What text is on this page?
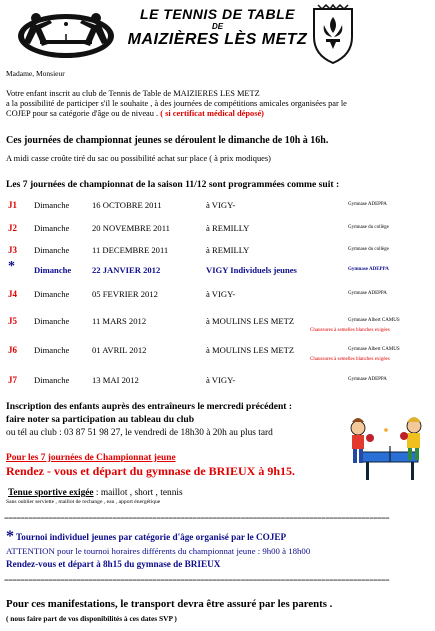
LE TENNIS DE TABLE
DE
MAIZIÈRES LÈS METZ
Madame, Monsieur
Votre enfant inscrit au club de Tennis de Table de MAIZIERES LES METZ
a la possibilité de participer s'il le souhaite , à des journées de compétitions amicales organisées par le
COJEP pour sa catégorie d'âge ou de niveau . ( si certificat médical déposé)
Ces journées de championnat jeunes se déroulent le dimanche de 10h à 16h.
A midi casse croûte tiré du sac ou possibilité achat sur place ( à prix modiques)
Les 7 journées de championnat de la saison 11/12 sont programmées comme suit :
J1 Dimanche	16 OCTOBRE 2011	à VIGY-	Gymnase ADEPPA
J2 Dimanche	20 NOVEMBRE 2011	à REMILLY	Gymnase du collège
J3 Dimanche	11 DECEMBRE 2011	à REMILLY	Gymnase du collège
* Dimanche 22 JANVIER 2012	VIGY Individuels jeunes	Gymnase ADEPPA
J4 Dimanche	05 FEVRIER 2012	à VIGY-	Gymnase ADEPPA
J5 Dimanche	11 MARS 2012	à MOULINS LES METZ	Gymnase Albert CAMUS
Chaussures à semelles blanches exigées
J6 Dimanche	01 AVRIL 2012	à MOULINS LES METZ	Gymnase Albert CAMUS
Chaussures à semelles blanches exigées
J7 Dimanche	13 MAI 2012	à VIGY-	Gymnase ADEPPA
Inscription des enfants auprès des entraîneurs le mercredi précédent :
faire noter sa participation au tableau du club
ou tél au club : 03 87 51 98 27, le vendredi de 18h30 à 20h au plus tard
Pour les 7 journées de Championnat jeune
Rendez - vous et départ du gymnase de BRIEUX à 9h15.
Tenue sportive exigée : maillot , short , tennis
Sans oublier serviette , maillot de rechange , eau , apport énergétique
================================================================================================
* Tournoi individuel jeunes par catégorie d'âge organisé par le COJEP
ATTENTION pour le tournoi horaires différents du championnat jeune : 9h00 à 18h00
Rendez-vous et départ à 8h15 du gymnase de BRIEUX
================================================================================================
Pour ces manifestations, le transport devra être assuré par les parents .
( nous faire part de vos disponibilités à ces dates SVP )
